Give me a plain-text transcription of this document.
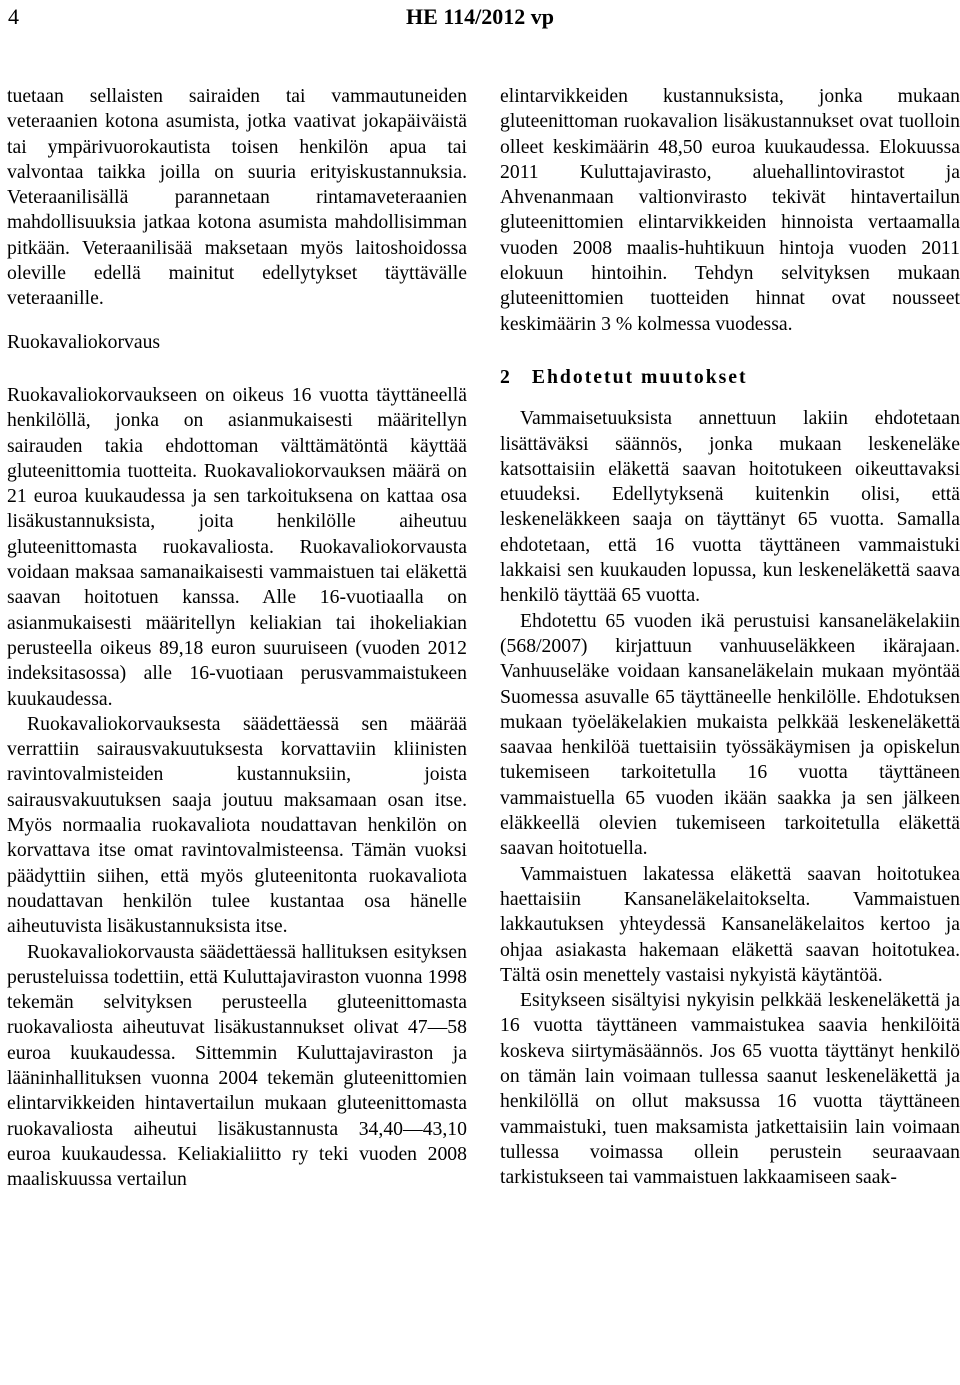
4	HE 114/2012 vp

tuetaan sellaisten sairaiden tai vammautuneiden veteraanien kotona asumista, jotka vaativat jokapäiväistä tai ympärivuorokautista toisen henkilön apua tai valvontaa taikka joilla on suuria erityiskustannuksia. Veteraanilisällä parannetaan rintamaveteraanien mahdollisuuksia jatkaa kotona asumista mahdollisimman pitkään. Veteraanilisää maksetaan myös laitoshoidossa oleville edellä mainitut edellytykset täyttävälle veteraanille.

Ruokavaliokorvaus

Ruokavaliokorvaukseen on oikeus 16 vuotta täyttäneellä henkilöllä, jonka on asianmukaisesti määritellyn sairauden takia ehdottoman välttämätöntä käyttää gluteenittomia tuotteita. Ruokavaliokorvauksen määrä on 21 euroa kuukaudessa ja sen tarkoituksena on kattaa osa lisäkustannuksista, joita henkilölle aiheutuu gluteenittomasta ruokavaliosta. Ruokavaliokorvausta voidaan maksaa samanaikaisesti vammaistuen tai eläkettä saavan hoitotuen kanssa. Alle 16-vuotiaalla on asianmukaisesti määritellyn keliakian tai ihokeliakian perusteella oikeus 89,18 euron suuruiseen (vuoden 2012 indeksitasossa) alle 16-vuotiaan perusvammaistukeen kuukaudessa.

Ruokavaliokorvauksesta säädettäessä sen määrää verrattiin sairausvakuutuksesta korvattaviin kliinisten ravintovalmisteiden kustannuksiin, joista sairausvakuutuksen saaja joutuu maksamaan osan itse. Myös normaalia ruokavaliota noudattavan henkilön on korvattava itse omat ravintovalmisteensa. Tämän vuoksi päädyttiin siihen, että myös gluteenitonta ruokavaliota noudattavan henkilön tulee kustantaa osa hänelle aiheutuvista lisäkustannuksista itse.

Ruokavaliokorvausta säädettäessä hallituksen esityksen perusteluissa todettiin, että Kuluttajaviraston vuonna 1998 tekemän selvityksen perusteella gluteenittomasta ruokavaliosta aiheutuvat lisäkustannukset olivat 47—58 euroa kuukaudessa. Sittemmin Kuluttajaviraston ja lääninhallituksen vuonna 2004 tekemän gluteenittomien elintarvikkeiden hintavertailun mukaan gluteenittomasta ruokavaliosta aiheutui lisäkustannusta 34,40—43,10 euroa kuukaudessa. Keliakialiitto ry teki vuoden 2008 maaliskuussa vertailun

elintarvikkeiden kustannuksista, jonka mukaan gluteenittoman ruokavalion lisäkustannukset ovat tuolloin olleet keskimäärin 48,50 euroa kuukaudessa. Elokuussa 2011 Kuluttajavirasto, aluehallintovirastot ja Ahvenanmaan valtionvirasto tekivät hintavertailun gluteenittomien elintarvikkeiden hinnoista vertaamalla vuoden 2008 maalis-huhtikuun hintoja vuoden 2011 elokuun hintoihin. Tehdyn selvityksen mukaan gluteenittomien tuotteiden hinnat ovat nousseet keskimäärin 3 % kolmessa vuodessa.

2 Ehdotetut muutokset

Vammaisetuuksista annettuun lakiin ehdotetaan lisättäväksi säännös, jonka mukaan leskeneläke katsottaisiin eläkettä saavan hoitotukeen oikeuttavaksi etuudeksi. Edellytyksenä kuitenkin olisi, että leskeneläkkeen saaja on täyttänyt 65 vuotta. Samalla ehdotetaan, että 16 vuotta täyttäneen vammaistuki lakkaisi sen kuukauden lopussa, kun leskeneläkettä saava henkilö täyttää 65 vuotta.

Ehdotettu 65 vuoden ikä perustuisi kansaneläkelakiin (568/2007) kirjattuun vanhuuseläkkeen ikärajaan. Vanhuuseläke voidaan kansaneläkelain mukaan myöntää Suomessa asuvalle 65 täyttäneelle henkilölle. Ehdotuksen mukaan työeläkelakien mukaista pelkkää leskeneläkettä saavaa henkilöä tuettaisiin työssäkäymisen ja opiskelun tukemiseen tarkoitetulla 16 vuotta täyttäneen vammaistuella 65 vuoden ikään saakka ja sen jälkeen eläkkeellä olevien tukemiseen tarkoitetulla eläkettä saavan hoitotuella.

Vammaistuen lakatessa eläkettä saavan hoitotukea haettaisiin Kansaneläkelaitokselta. Vammaistuen lakkautuksen yhteydessä Kansaneläkelaitos kertoo ja ohjaa asiakasta hakemaan eläkettä saavan hoitotukea. Tältä osin menettely vastaisi nykyistä käytäntöä.

Esitykseen sisältyisi nykyisin pelkkää leskeneläkettä ja 16 vuotta täyttäneen vammaistukea saavia henkilöitä koskeva siirtymäsäännös. Jos 65 vuotta täyttänyt henkilö on tämän lain voimaan tullessa saanut leskeneläkettä ja henkilöllä on ollut maksussa 16 vuotta täyttäneen vammaistuki, tuen maksamista jatkettaisiin lain voimaan tullessa voimassa ollein perustein seuraavaan tarkistukseen tai vammaistuen lakkaamiseen saak-
